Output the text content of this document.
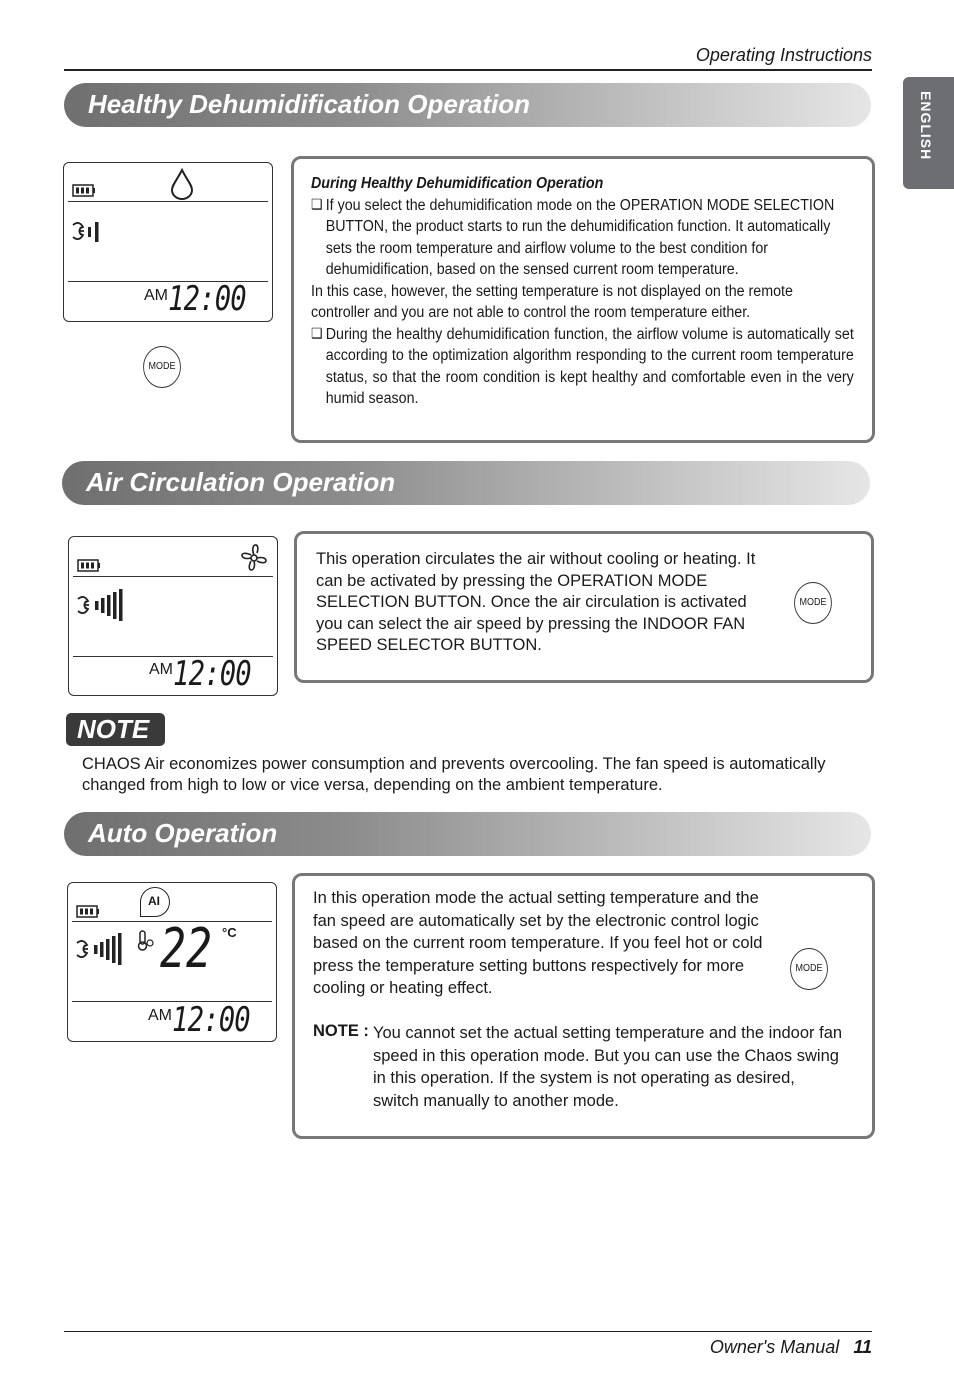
Operating Instructions
ENGLISH
Healthy Dehumidification Operation
AM 12:00
MODE

During Healthy Dehumidification Operation

❑ If you select the dehumidification mode on the OPERATION MODE SELECTION BUTTON, the product starts to run the dehumidification function. It automatically sets the room temperature and airflow volume to the best condition for dehumidification, based on the sensed current room temperature.

In this case, however, the setting temperature is not displayed on the remote controller and you are not able to control the room temperature either.

❑ During the healthy dehumidification function, the airflow volume is automatically set according to the optimization algorithm responding to the current room temperature status, so that the room condition is kept healthy and comfortable even in the very humid season.

Air Circulation Operation
AM 12:00

This operation circulates the air without cooling or heating. It can be activated by pressing the OPERATION MODE SELECTION BUTTON. Once the air circulation is activated you can select the air speed by pressing the INDOOR FAN SPEED SELECTOR BUTTON.

MODE
NOTE

CHAOS Air economizes power consumption and prevents overcooling. The fan speed is automatically changed from high to low or vice versa, depending on the ambient temperature.

Auto Operation
AI
22 °C
AM 12:00

In this operation mode the actual setting temperature and the fan speed are automatically set by the electronic control logic based on the current room temperature. If you feel hot or cold press the temperature setting buttons respectively for more cooling or heating effect.

MODE
NOTE : You cannot set the actual setting temperature and the indoor fan speed in this operation mode. But you can use the Chaos swing in this operation. If the system is not operating as desired, switch manually to another mode.

Owner's Manual 11
